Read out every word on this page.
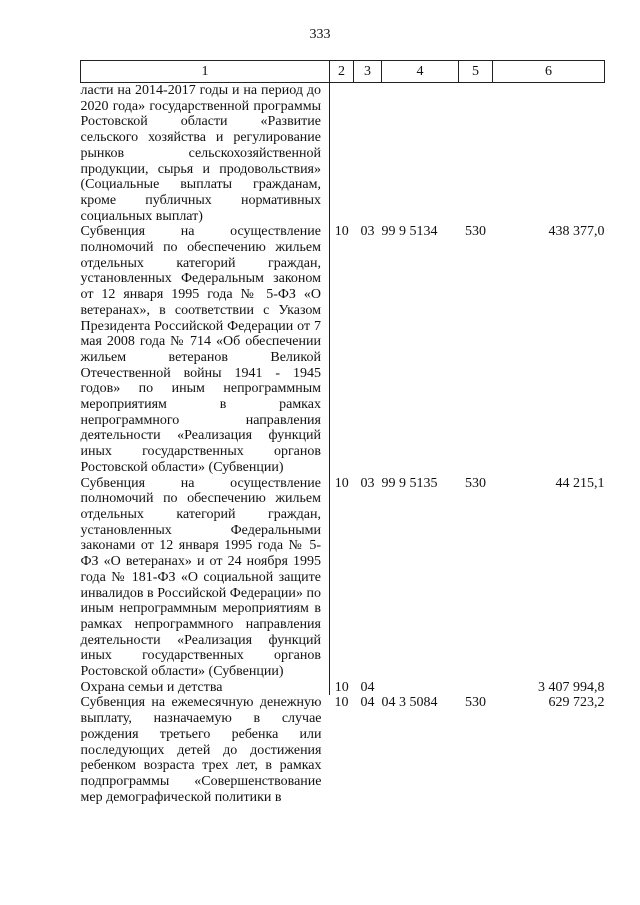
333
1	2	3	4	5	6
ласти на 2014-2017 годы и на период до 2020 года» государственной программы Ростовской области «Развитие сельского хозяйства и регулирование рынков сельскохозяйственной продукции, сырья и продовольствия» (Социальные выплаты гражданам, кроме публичных нормативных социальных выплат)					
Субвенция на осуществление полномочий по обеспечению жильем отдельных категорий граждан, установленных Федеральным законом от 12 января 1995 года № 5-ФЗ «О ветеранах», в соответствии с Указом Президента Российской Федерации от 7 мая 2008 года № 714 «Об обеспечении жильем ветеранов Великой Отечественной войны 1941 - 1945 годов» по иным непрограммным мероприятиям в рамках непрограммного направления деятельности «Реализация функций иных государственных органов Ростовской области» (Субвенции)	10	03	99 9 5134	530	438 377,0
Субвенция на осуществление полномочий по обеспечению жильем отдельных категорий граждан, установленных Федеральными законами от 12 января 1995 года № 5-ФЗ «О ветеранах» и от 24 ноября 1995 года № 181-ФЗ «О социальной защите инвалидов в Российской Федерации» по иным непрограммным мероприятиям в рамках непрограммного направления деятельности «Реализация функций иных государственных органов Ростовской области» (Субвенции)	10	03	99 9 5135	530	44 215,1
Охрана семьи и детства	10	04			3 407 994,8
Субвенция на ежемесячную денежную выплату, назначаемую в случае рождения третьего ребенка или последующих детей до достижения ребенком возраста трех лет, в рамках подпрограммы «Совершенствование мер демографической политики в	10	04	04 3 5084	530	629 723,2
